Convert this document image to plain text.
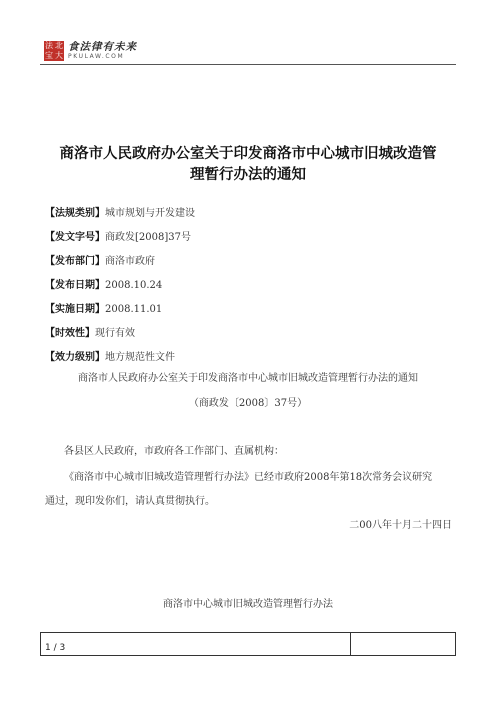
法 北
宝 大
食法律有未来
PKULAW.COM
商洛市人民政府办公室关于印发商洛市中心城市旧城改造管
理暂行办法的通知
【法规类别】城市规划与开发建设
【发文字号】商政发[2008]37号
【发布部门】商洛市政府
【发布日期】2008.10.24
【实施日期】2008.11.01
【时效性】现行有效
【效力级别】地方规范性文件
商洛市人民政府办公室关于印发商洛市中心城市旧城改造管理暂行办法的通知
（商政发〔2008〕37号）
各县区人民政府，市政府各工作部门、直属机构：
《商洛市中心城市旧城改造管理暂行办法》已经市政府2008年第18次常务会议研究
通过，现印发你们，请认真贯彻执行。
二00八年十月二十四日
商洛市中心城市旧城改造管理暂行办法
1 / 3
